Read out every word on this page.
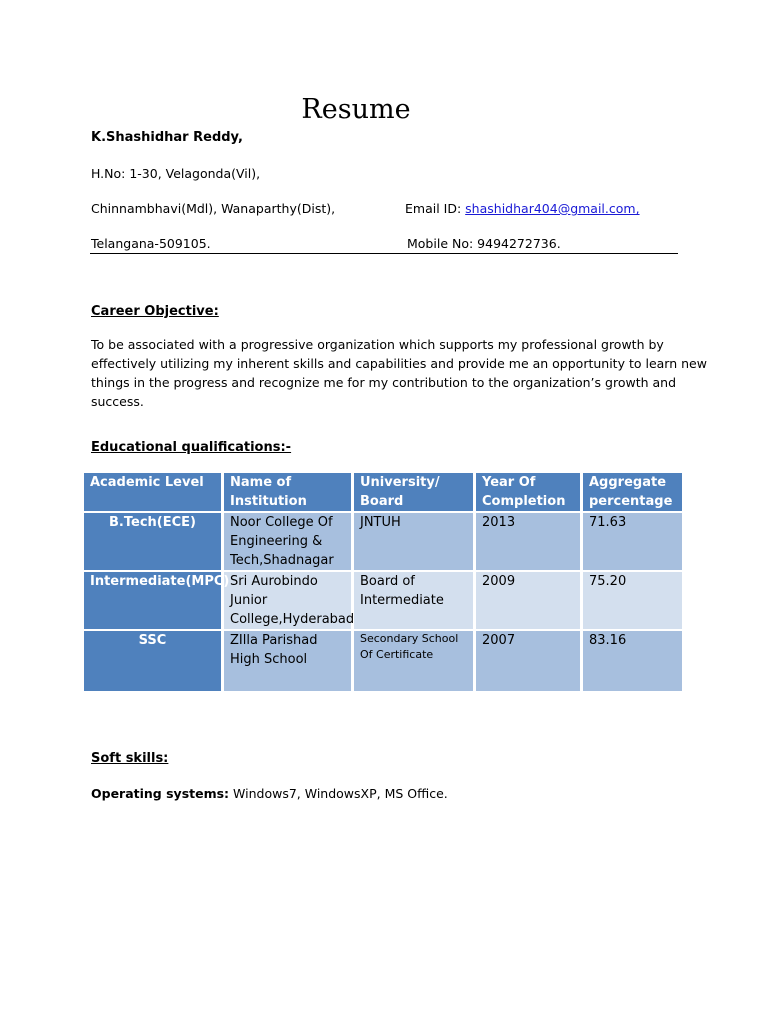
Resume
K.Shashidhar Reddy,
H.No: 1-30, Velagonda(Vil),
Chinnambhavi(Mdl), Wanaparthy(Dist),
Telangana-509105.
Email ID: shashidhar404@gmail.com,
Mobile No: 9494272736.
Career Objective:
To be associated with a progressive organization which supports my professional growth by effectively utilizing my inherent skills and capabilities and provide me an opportunity to learn new things in the progress and recognize me for my contribution to the organization’s growth and success.
Educational qualifications:-
Academic Level	Name of Institution	University/ Board	Year Of Completion	Aggregate percentage
B.Tech(ECE)	Noor College Of Engineering & Tech,Shadnagar	JNTUH	2013	71.63
Intermediate(MPC)	Sri Aurobindo Junior College,Hyderabad	Board of Intermediate	2009	75.20
SSC	ZIlla Parishad High School	Secondary School Of Certificate	2007	83.16
Soft skills:
Operating systems: Windows7, WindowsXP, MS Office.
